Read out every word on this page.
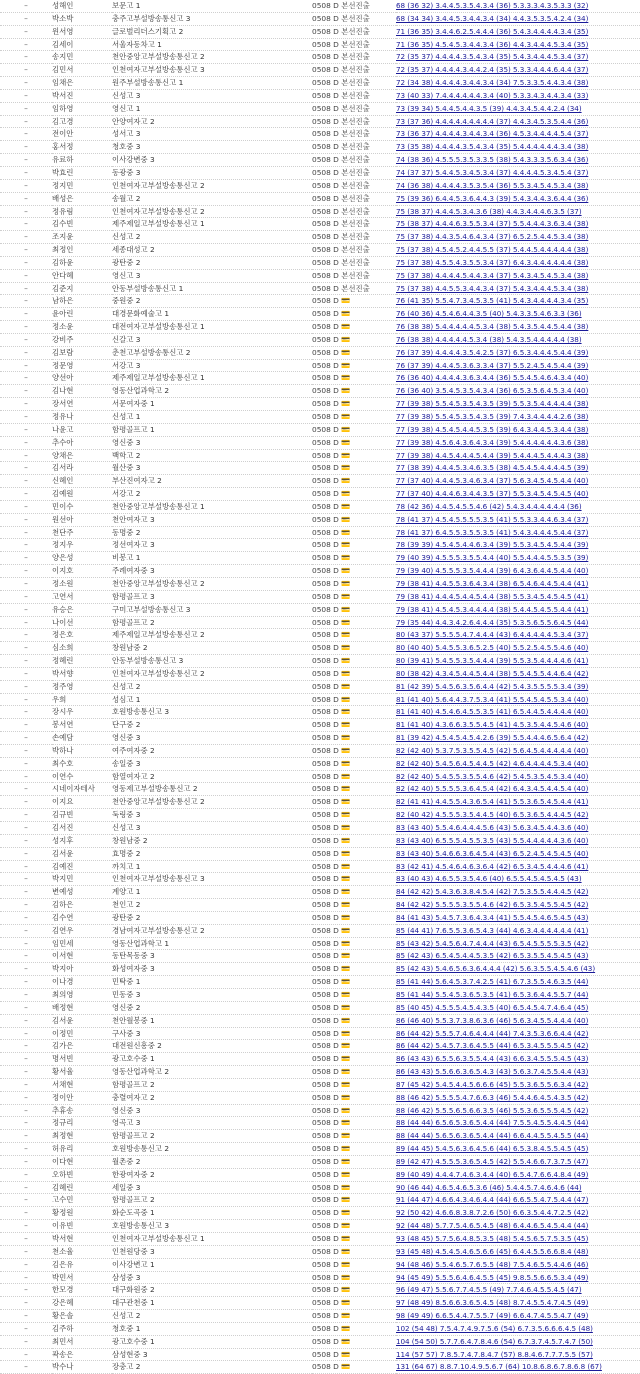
–	성해인	보문고 1	0508 D 본선진출	68 (36 32) 3.4.4.5.3.5.4.3.4 (36) 5.3.3.3.4.3.5.3.3 (32)
–	박소박	충주고부설방송통신고 3	0508 D 본선진출	68 (34 34) 3.4.4.5.3.4.4.3.4 (34) 4.4.3.5.3.5.4.2.4 (34)
–	윈서영	글로벌리더스기획고 2	0508 D 본선진출	71 (36 35) 3.4.4.6.2.5.4.4.4 (36) 5.4.3.4.4.4.4.3.4 (35)
–	김세이	서울자동차고 1	0508 D 본선진출	71 (36 35) 4.5.4.5.3.4.4.3.4 (36) 4.4.3.4.4.4.5.3.4 (35)
–	송지민	천안중앙고부설방송통신고 2	0508 D 본선진출	72 (35 37) 4.4.4.4.3.5.4.3.4 (35) 5.4.3.4.4.4.5.3.4 (37)
–	김민서	인천여자고부설방송통신고 3	0508 D 본선진출	72 (35 37) 4.4.4.4.3.4.4.2.4 (35) 5.3.3.4.4.4.6.4.4 (37)
–	임채은	원주부설방송통신고 1	0508 D 본선진출	72 (34 38) 4.4.4.4.3.4.4.3.4 (34) 7.5.3.3.5.4.4.3.4 (38)
–	박서진	신성고 3	0508 D 본선진출	73 (40 33) 7.4.4.4.4.4.4.3.4 (40) 5.3.3.4.3.4.4.3.4 (33)
–	임하영	영신고 1	0508 D 본선진출	73 (39 34) 5.4.4.5.4.4.3.5 (39) 4.4.3.4.5.4.4.2.4 (34)
–	김고경	안양여자고 2	0508 D 본선진출	73 (37 36) 4.4.4.4.4.4.4.4.4 (37) 4.4.3.4.5.3.5.4.4 (36)
–	전이안	성서고 3	0508 D 본선진출	73 (36 37) 4.4.4.4.3.4.4.3.4 (36) 4.5.3.4.4.4.4.5.4 (37)
–	홍서정	청호중 3	0508 D 본선진출	73 (35 38) 4.4.4.4.3.5.4.3.4 (35) 5.4.4.4.4.4.4.3.4 (38)
–	유료하	이사강변중 3	0508 D 본선진출	74 (38 36) 4.5.5.5.3.5.3.3.5 (38) 5.4.3.3.3.5.6.3.4 (36)
–	박효린	동광중 3	0508 D 본선진출	74 (37 37) 5.4.4.5.3.4.5.3.4 (37) 4.4.4.4.5.3.4.5.4 (37)
–	정지민	인천여자고부설방송통신고 2	0508 D 본선진출	74 (36 38) 4.4.4.4.3.5.3.5.4 (36) 5.5.3.4.5.4.5.3.4 (38)
–	배성은	송월고 2	0508 D 본선진출	75 (39 36) 6.4.4.5.3.6.4.4.3 (39) 5.4.3.4.4.3.6.4.4 (36)
–	정유림	인천여자고부설방송통신고 2	0508 D 본선진출	75 (38 37) 4.4.4.5.3.4.3.6 (38) 4.4.3.4.4.4.6.3.5 (37)
–	김수빈	제주제일고부설방송통신고 1	0508 D 본선진출	75 (38 37) 4.4.4.6.3.5.5.3.4 (37) 5.5.4.4.4.3.6.3.4 (38)
–	조지윤	신성고 2	0508 D 본선진출	75 (37 38) 4.4.3.5.4.6.4.3.4 (37) 6.5.2.5.4.4.5.3.4 (38)
–	최정인	세종대성고 2	0508 D 본선진출	75 (37 38) 4.5.4.5.2.4.4.5.5 (37) 5.4.4.5.4.4.4.4.4 (38)
–	김하윤	광탄중 2	0508 D 본선진출	75 (37 38) 4.5.5.4.3.5.5.3.4 (37) 6.4.3.4.4.4.4.4.4 (38)
–	안다혜	영신고 3	0508 D 본선진출	75 (37 38) 4.4.4.4.5.4.4.3.4 (37) 5.4.3.4.5.4.5.3.4 (38)
–	김준지	안동부설방송통신고 1	0508 D 본선진출	75 (37 38) 4.4.5.5.3.4.4.3.4 (37) 5.4.3.4.4.4.5.3.4 (38)
–	남하은	중원중 2	0508 D 💳	76 (41 35) 5.5.4.7.3.4.5.3.5 (41) 5.4.3.4.4.4.4.3.4 (35)
–	윤아린	대경문화예술고 1	0508 D 💳	76 (40 36) 4.5.4.6.4.4.3.5 (40) 5.4.3.3.5.4.6.3.3 (36)
–	정소윤	대전여자고부설방송통신고 1	0508 D 💳	76 (38 38) 5.4.4.4.4.4.5.3.4 (38) 5.4.3.5.4.4.5.4.4 (38)
–	강비주	신갈고 3	0508 D 💳	76 (38 38) 4.4.4.4.4.5.3.4 (38) 5.4.3.5.4.4.4.4.4 (38)
–	김보람	춘천고부설방송통신고 2	0508 D 💳	76 (37 39) 4.4.4.4.3.5.4.2.5 (37) 6.5.3.4.4.4.5.4.4 (39)
–	정문영	서강고 3	0508 D 💳	76 (37 39) 4.4.4.5.3.6.3.3.4 (37) 5.5.2.4.5.4.5.4.4 (39)
–	양선아	제주제일고부설방송통신고 1	0508 D 💳	76 (36 40) 4.4.4.4.3.6.3.4.4 (36) 5.5.4.5.4.6.4.3.4 (40)
–	김나현	영동산업과학고 2	0508 D 💳	76 (36 40) 3.5.4.5.3.5.4.3.4 (36) 6.5.3.5.6.4.5.3.4 (40)
–	장서연	서문여자중 1	0508 D 💳	77 (39 38) 5.5.4.5.3.5.4.3.5 (39) 5.5.3.5.4.4.4.4.4 (38)
–	정유나	신성고 1	0508 D 💳	77 (39 38) 5.5.4.5.3.5.4.3.5 (39) 7.4.3.4.4.4.4.2.6 (38)
–	나윤고	함평골프고 1	0508 D 💳	77 (39 38) 4.5.4.5.4.4.5.3.5 (39) 6.4.3.4.4.5.3.4.4 (38)
–	추수아	영신중 3	0508 D 💳	77 (39 38) 4.5.6.4.3.6.4.3.4 (39) 5.4.4.4.4.4.4.3.6 (38)
–	양채은	백학고 2	0508 D 💳	77 (39 38) 4.4.5.4.4.4.5.4.4 (39) 5.4.4.4.5.4.4.4.3 (38)
–	김서라	월산중 3	0508 D 💳	77 (38 39) 4.4.4.5.3.4.6.3.5 (38) 4.5.4.5.4.4.4.4.5 (39)
–	신혜인	부산진여자고 2	0508 D 💳	77 (37 40) 4.4.4.5.3.4.6.3.4 (37) 5.6.3.4.5.4.5.4.4 (40)
–	김예원	서강고 2	0508 D 💳	77 (37 40) 4.4.4.6.3.4.4.3.5 (37) 5.5.3.4.5.4.5.4.5 (40)
–	민이수	천안중앙고부설방송통신고 1	0508 D 💳	78 (42 36) 4.4.5.4.5.5.4.6 (42) 5.4.3.4.4.4.4.4.4 (36)
–	원선아	천안여자고 3	0508 D 💳	78 (41 37) 4.5.4.5.5.5.5.3.5 (41) 5.5.3.3.4.4.6.3.4 (37)
–	천단주	동명중 2	0508 D 💳	78 (41 37) 6.4.5.5.3.5.5.3.5 (41) 5.4.3.4.4.4.5.4.4 (37)
–	정지우	정선여자고 3	0508 D 💳	78 (39 39) 4.5.4.5.4.4.6.3.4 (39) 5.5.3.4.5.4.5.4.4 (39)
–	양은성	비봉고 1	0508 D 💳	79 (40 39) 4.5.5.5.3.5.5.4.4 (40) 5.5.4.4.4.5.5.3.5 (39)
–	이지호	주례여자중 3	0508 D 💳	79 (39 40) 4.5.5.5.3.5.4.4.4 (39) 6.4.3.6.4.4.5.4.4 (40)
–	정소원	천안중앙고부설방송통신고 2	0508 D 💳	79 (38 41) 4.4.5.5.3.6.4.3.4 (38) 6.5.4.6.4.4.5.4.4 (41)
–	고연서	함평골프고 3	0508 D 💳	79 (38 41) 4.4.4.5.4.4.5.4.4 (38) 5.5.3.4.5.4.5.4.5 (41)
–	유승은	구미고부설방송통신고 3	0508 D 💳	79 (38 41) 4.5.4.5.3.4.4.4.4 (38) 5.4.4.5.4.5.5.4.4 (41)
–	나이선	함평골프고 2	0508 D 💳	79 (35 44) 4.4.3.4.2.6.4.4.4 (35) 5.3.5.6.5.5.6.4.5 (44)
–	정은호	제주제일고부설방송통신고 2	0508 D 💳	80 (43 37) 5.5.5.5.4.7.4.4.4 (43) 6.4.4.4.4.4.5.3.4 (37)
–	심소희	창원남중 2	0508 D 💳	80 (40 40) 5.4.5.5.3.6.5.2.5 (40) 5.5.2.5.4.5.5.4.6 (40)
–	정혜린	안동부설방송통신고 3	0508 D 💳	80 (39 41) 5.4.5.5.3.5.4.4.4 (39) 5.5.3.5.4.4.4.4.6 (41)
–	박서향	인천여자고부설방송통신고 2	0508 D 💳	80 (38 42) 4.3.4.5.4.4.5.4.4 (38) 5.5.4.5.5.4.4.6.4 (42)
–	정주영	신성고 2	0508 D 💳	81 (42 39) 5.4.5.6.3.5.6.4.4 (42) 5.4.3.5.5.5.5.3.4 (39)
–	우희	성심고 1	0508 D 💳	81 (41 40) 5.6.4.4.3.7.5.3.4 (41) 5.5.4.5.4.5.5.3.4 (40)
–	장시우	호원방송통신고 3	0508 D 💳	81 (41 40) 4.5.4.6.4.5.5.3.5 (41) 6.5.4.4.5.4.4.4.4 (40)
–	봉서연	단구중 2	0508 D 💳	81 (41 40) 4.3.6.6.3.5.5.4.5 (41) 4.5.3.5.4.4.5.4.6 (40)
–	손예담	영신중 3	0508 D 💳	81 (39 42) 4.5.4.5.4.5.4.2.6 (39) 5.5.4.4.4.6.5.6.4 (42)
–	박하나	여주여자중 2	0508 D 💳	82 (42 40) 5.3.7.5.3.5.5.4.5 (42) 5.6.4.5.4.4.4.4.4 (40)
–	최수호	송일중 3	0508 D 💳	82 (42 40) 5.4.5.6.4.5.4.4.5 (42) 4.6.4.4.4.4.5.3.4 (40)
–	이연수	함열여자고 2	0508 D 💳	82 (42 40) 5.4.5.5.3.5.5.4.6 (42) 5.4.5.3.5.4.5.3.4 (40)
–	시네이자테사	영동제고부설방송통신고 2	0508 D 💳	82 (42 40) 5.5.5.5.3.6.4.5.4 (42) 6.4.3.4.5.4.4.5.4 (40)
–	이지요	천안중앙고부설방송통신고 2	0508 D 💳	82 (41 41) 4.4.5.5.4.3.6.5.4 (41) 5.5.3.6.5.4.5.4.4 (41)
–	김규빈	둑링중 3	0508 D 💳	82 (40 42) 4.5.5.5.3.5.4.4.5 (40) 6.5.3.6.5.4.4.4.5 (42)
–	김서진	신성고 3	0508 D 💳	83 (43 40) 5.5.4.6.4.4.4.5.6 (43) 5.6.3.4.5.4.4.3.6 (40)
–	성지후	창원남중 2	0508 D 💳	83 (43 40) 6.5.5.5.4.5.5.3.5 (43) 5.5.4.4.4.4.4.3.6 (40)
–	김서윤	효명중 2	0508 D 💳	83 (43 40) 5.4.6.6.3.6.4.5.4 (43) 6.5.2.4.5.4.5.4.5 (40)
–	김예진	까치고 1	0508 D 💳	83 (42 41) 4.5.4.6.4.6.3.6.4 (42) 6.5.3.4.5.4.4.4.6 (41)
–	박지민	인천여자고부설방송통신고 3	0508 D 💳	83 (40 43) 4.6.5.5.3.5.4.6 (40) 6.5.5.4.5.4.5.4.5 (43)
–	변예성	계양고 1	0508 D 💳	84 (42 42) 5.4.3.6.3.8.4.5.4 (42) 7.5.3.5.5.4.4.4.5 (42)
–	김하은	천인고 2	0508 D 💳	84 (42 42) 5.5.5.5.3.5.5.4.6 (42) 6.5.3.5.4.5.5.4.5 (42)
–	김수연	광탄중 2	0508 D 💳	84 (41 43) 5.4.5.7.3.6.4.3.4 (41) 5.5.4.5.4.6.5.4.5 (43)
–	김연우	경남여자고부설방송통신고 2	0508 D 💳	85 (44 41) 7.6.5.5.3.6.5.4.3 (44) 4.6.3.4.4.4.4.4.4 (41)
–	임민세	영동산업과학고 1	0508 D 💳	85 (43 42) 5.4.5.6.4.7.4.4.4 (43) 6.5.4.5.5.5.5.3.5 (42)
–	이서현	동탄목동중 3	0508 D 💳	85 (42 43) 6.5.4.5.4.4.5.3.5 (42) 6.5.3.5.5.4.5.4.5 (43)
–	박지아	화성여자중 3	0508 D 💳	85 (42 43) 5.4.6.5.6.3.6.4.4.4 (42) 5.6.3.5.5.4.5.4.6 (43)
–	이나경	민탁중 1	0508 D 💳	85 (41 44) 5.6.4.5.3.7.4.2.5 (41) 6.7.3.5.5.4.6.3.5 (44)
–	최의영	민동중 3	0508 D 💳	85 (41 44) 5.5.4.5.3.6.5.3.5 (41) 6.5.3.6.4.4.5.5.7 (44)
–	배정현	영신중 2	0508 D 💳	85 (40 45) 4.5.5.5.4.5.4.3.5 (40) 6.5.4.5.4.7.4.6.4 (45)
–	김서윤	천안월봉중 1	0508 D 💳	86 (46 40) 5.5.3.7.3.8.6.3.6 (46) 5.6.3.4.5.5.4.4.4 (40)
–	이정민	구사중 3	0508 D 💳	86 (44 42) 5.5.5.7.4.6.4.4.4 (44) 7.4.3.5.3.6.6.4.4 (42)
–	김가은	대전원신흥중 2	0508 D 💳	86 (44 42) 5.4.5.7.3.6.4.5.5 (44) 6.5.3.4.5.5.5.4.5 (42)
–	명서빈	광고호수중 1	0508 D 💳	86 (43 43) 6.5.5.6.3.5.5.4.4 (43) 6.6.3.4.5.5.5.4.5 (43)
–	황서율	영동산업과학고 2	0508 D 💳	86 (43 43) 5.5.6.6.3.6.5.4.3 (43) 5.6.3.7.4.5.5.4.4 (43)
–	서채현	함평골프고 2	0508 D 💳	87 (45 42) 5.4.5.4.4.5.6.6.6 (45) 5.5.3.6.5.5.6.3.4 (42)
–	정이안	충렬여자고 2	0508 D 💳	88 (46 42) 5.5.5.5.4.7.6.6.3 (46) 5.4.4.6.4.5.4.3.5 (42)
–	추휴송	영신중 3	0508 D 💳	88 (46 42) 5.5.5.6.5.6.6.3.5 (46) 5.5.3.6.5.5.5.4.5 (42)
–	정규리	영곡고 3	0508 D 💳	88 (44 44) 6.5.6.5.3.6.5.4.4 (44) 7.5.5.4.5.5.4.4.5 (44)
–	최정현	함평골프고 2	0508 D 💳	88 (44 44) 5.6.5.6.3.6.5.4.4 (44) 6.6.4.4.5.5.4.5.5 (44)
–	허유리	호원방송통신고 2	0508 D 💳	89 (44 45) 5.4.5.6.3.6.4.5.6 (44) 6.5.3.8.4.5.5.4.5 (45)
–	이다현	월촌중 2	0508 D 💳	89 (42 47) 4.5.5.5.3.6.5.4.5 (42) 5.5.4.6.6.7.3.7.5 (47)
–	오하빈	한광여자중 2	0508 D 💳	89 (40 49) 4.4.4.7.4.6.3.4.4 (40) 6.5.4.7.6.6.4.8.4 (49)
–	김혜린	세일중 3	0508 D 💳	90 (46 44) 4.6.5.4.6.5.3.6 (46) 5.4.4.5.7.4.6.4.6 (44)
–	고수민	함평골프고 2	0508 D 💳	91 (44 47) 4.6.6.4.3.4.6.4.4 (44) 6.6.5.5.4.7.5.4.4 (47)
–	황정원	화순도곡중 1	0508 D 💳	92 (50 42) 4.6.6.8.3.8.7.2.6 (50) 6.6.3.5.4.4.7.2.5 (42)
–	이유빈	호원방송통신고 3	0508 D 💳	92 (44 48) 5.7.7.5.4.6.5.4.5 (48) 6.4.4.6.5.4.5.4.4 (44)
–	박서현	인천여자고부설방송통신고 1	0508 D 💳	93 (48 45) 5.7.5.6.4.8.5.3.5 (48) 5.4.5.6.5.7.5.3.5 (45)
–	천소율	인천원당중 3	0508 D 💳	93 (45 48) 4.5.4.5.4.6.5.6.6 (45) 6.4.4.5.5.6.6.8.4 (48)
–	김은유	이사강변고 1	0508 D 💳	94 (48 46) 5.5.4.6.5.7.6.5.5 (48) 7.5.4.6.5.5.4.4.6 (46)
–	박민서	삼성중 3	0508 D 💳	94 (45 49) 5.5.5.6.4.6.4.5.5 (45) 9.8.5.5.6.6.5.3.4 (49)
–	한모경	대구화원중 2	0508 D 💳	96 (49 47) 5.5.6.7.7.4.5.5 (49) 7.7.4.6.4.5.5.4.5 (47)
–	강은혜	대구관천중 1	0508 D 💳	97 (48 49) 8.5.6.6.3.6.5.4.5 (48) 8.7.4.5.5.4.7.4.5 (49)
–	황은솔	신성고 2	0508 D 💳	98 (49 49) 6.6.5.4.4.7.5.5.7 (49) 6.6.4.7.4.5.5.4.7 (49)
–	김주하	청호중 1	0508 D 💳	102 (54 48) 7.5.4.7.4.9.7.5.6 (54) 6.7.3.5.6.6.6.4.5 (48)
–	최민서	광고호수중 1	0508 D 💳	104 (54 50) 5.7.7.6.4.7.8.4.6 (54) 6.7.3.7.4.5.7.4.7 (50)
–	곽송은	삼성현중 3	0508 D 💳	114 (57 57) 7.8.5.7.4.7.8.4.7 (57) 8.8.4.6.7.7.7.5.5 (57)
–	박수나	장충고 2	0508 D 💳	131 (64 67) 8.8.7.10.4.9.5.6.7 (64) 10.8.6.8.6.7.8.6.8 (67)
